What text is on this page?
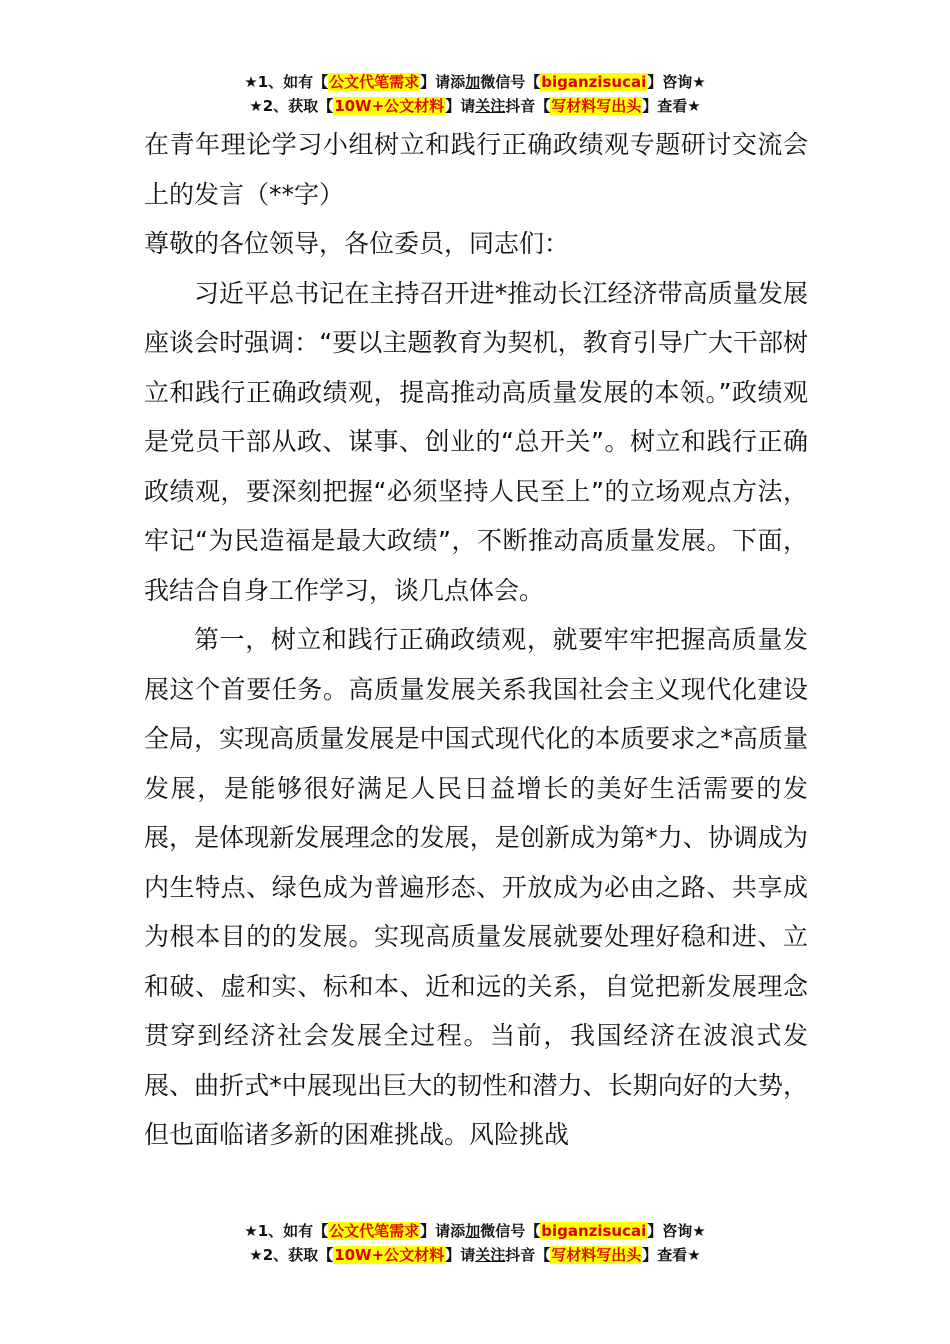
★1、如有【公文代笔需求】请添加微信号【biganzisucai】咨询★
★2、获取【10W+公文材料】请关注抖音【写材料写出头】查看★

在青年理论学习小组树立和践行正确政绩观专题研讨交流会上的发言（**字）

尊敬的各位领导，各位委员，同志们：

习近平总书记在主持召开进*推动长江经济带高质量发展座谈会时强调：“要以主题教育为契机，教育引导广大干部树立和践行正确政绩观，提高推动高质量发展的本领。”政绩观是党员干部从政、谋事、创业的“总开关”。树立和践行正确政绩观，要深刻把握“必须坚持人民至上”的立场观点方法，牢记“为民造福是最大政绩”，不断推动高质量发展。下面，我结合自身工作学习，谈几点体会。

第一，树立和践行正确政绩观，就要牢牢把握高质量发展这个首要任务。高质量发展关系我国社会主义现代化建设全局，实现高质量发展是中国式现代化的本质要求之*高质量发展，是能够很好满足人民日益增长的美好生活需要的发展，是体现新发展理念的发展，是创新成为第*力、协调成为内生特点、绿色成为普遍形态、开放成为必由之路、共享成为根本目的的发展。实现高质量发展就要处理好稳和进、立和破、虚和实、标和本、近和远的关系，自觉把新发展理念贯穿到经济社会发展全过程。当前，我国经济在波浪式发展、曲折式*中展现出巨大的韧性和潜力、长期向好的大势，但也面临诸多新的困难挑战。风险挑战

★1、如有【公文代笔需求】请添加微信号【biganzisucai】咨询★
★2、获取【10W+公文材料】请关注抖音【写材料写出头】查看★
